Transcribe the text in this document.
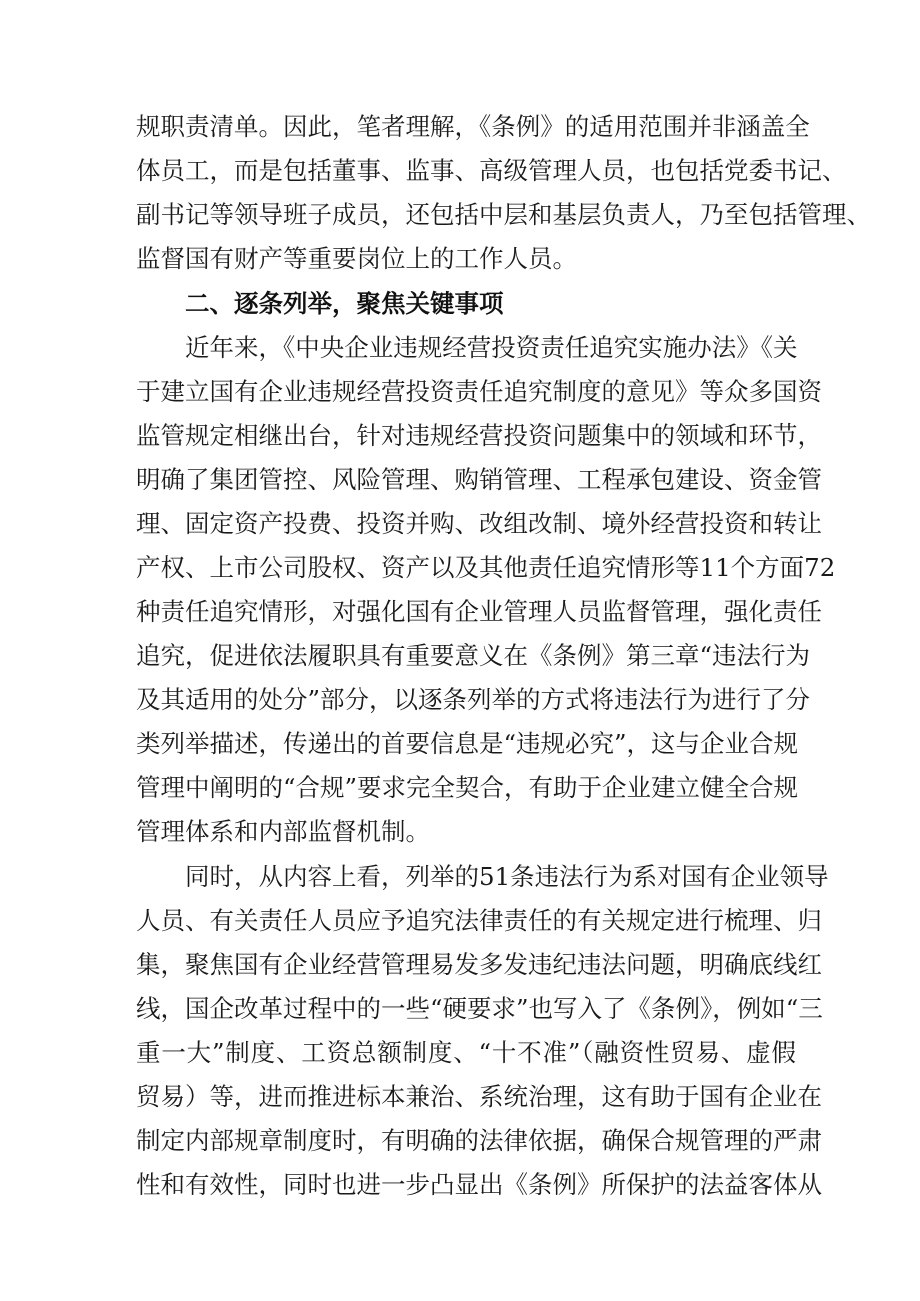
规职责清单。因此，笔者理解，《条例》的适用范围并非涵盖全
体员工，而是包括董事、监事、高级管理人员，也包括党委书记、
副书记等领导班子成员，还包括中层和基层负责人，乃至包括管理、
监督国有财产等重要岗位上的工作人员。
二、逐条列举，聚焦关键事项
近年来，《中央企业违规经营投资责任追究实施办法》《关
于建立国有企业违规经营投资责任追究制度的意见》等众多国资
监管规定相继出台，针对违规经营投资问题集中的领域和环节，
明确了集团管控、风险管理、购销管理、工程承包建设、资金管
理、固定资产投费、投资并购、改组改制、境外经营投资和转让
产权、上市公司股权、资产以及其他责任追究情形等11个方面72
种责任追究情形，对强化国有企业管理人员监督管理，强化责任
追究，促进依法履职具有重要意义在《条例》第三章“违法行为
及其适用的处分”部分，以逐条列举的方式将违法行为进行了分
类列举描述，传递出的首要信息是“违规必究”，这与企业合规
管理中阐明的“合规”要求完全契合，有助于企业建立健全合规
管理体系和内部监督机制。
同时，从内容上看，列举的51条违法行为系对国有企业领导
人员、有关责任人员应予追究法律责任的有关规定进行梳理、归
集，聚焦国有企业经营管理易发多发违纪违法问题，明确底线红
线，国企改革过程中的一些“硬要求”也写入了《条例》，例如“三
重一大”制度、工资总额制度、“十不准”（融资性贸易、虚假
贸易）等，进而推进标本兼治、系统治理，这有助于国有企业在
制定内部规章制度时，有明确的法律依据，确保合规管理的严肃
性和有效性，同时也进一步凸显出《条例》所保护的法益客体从
